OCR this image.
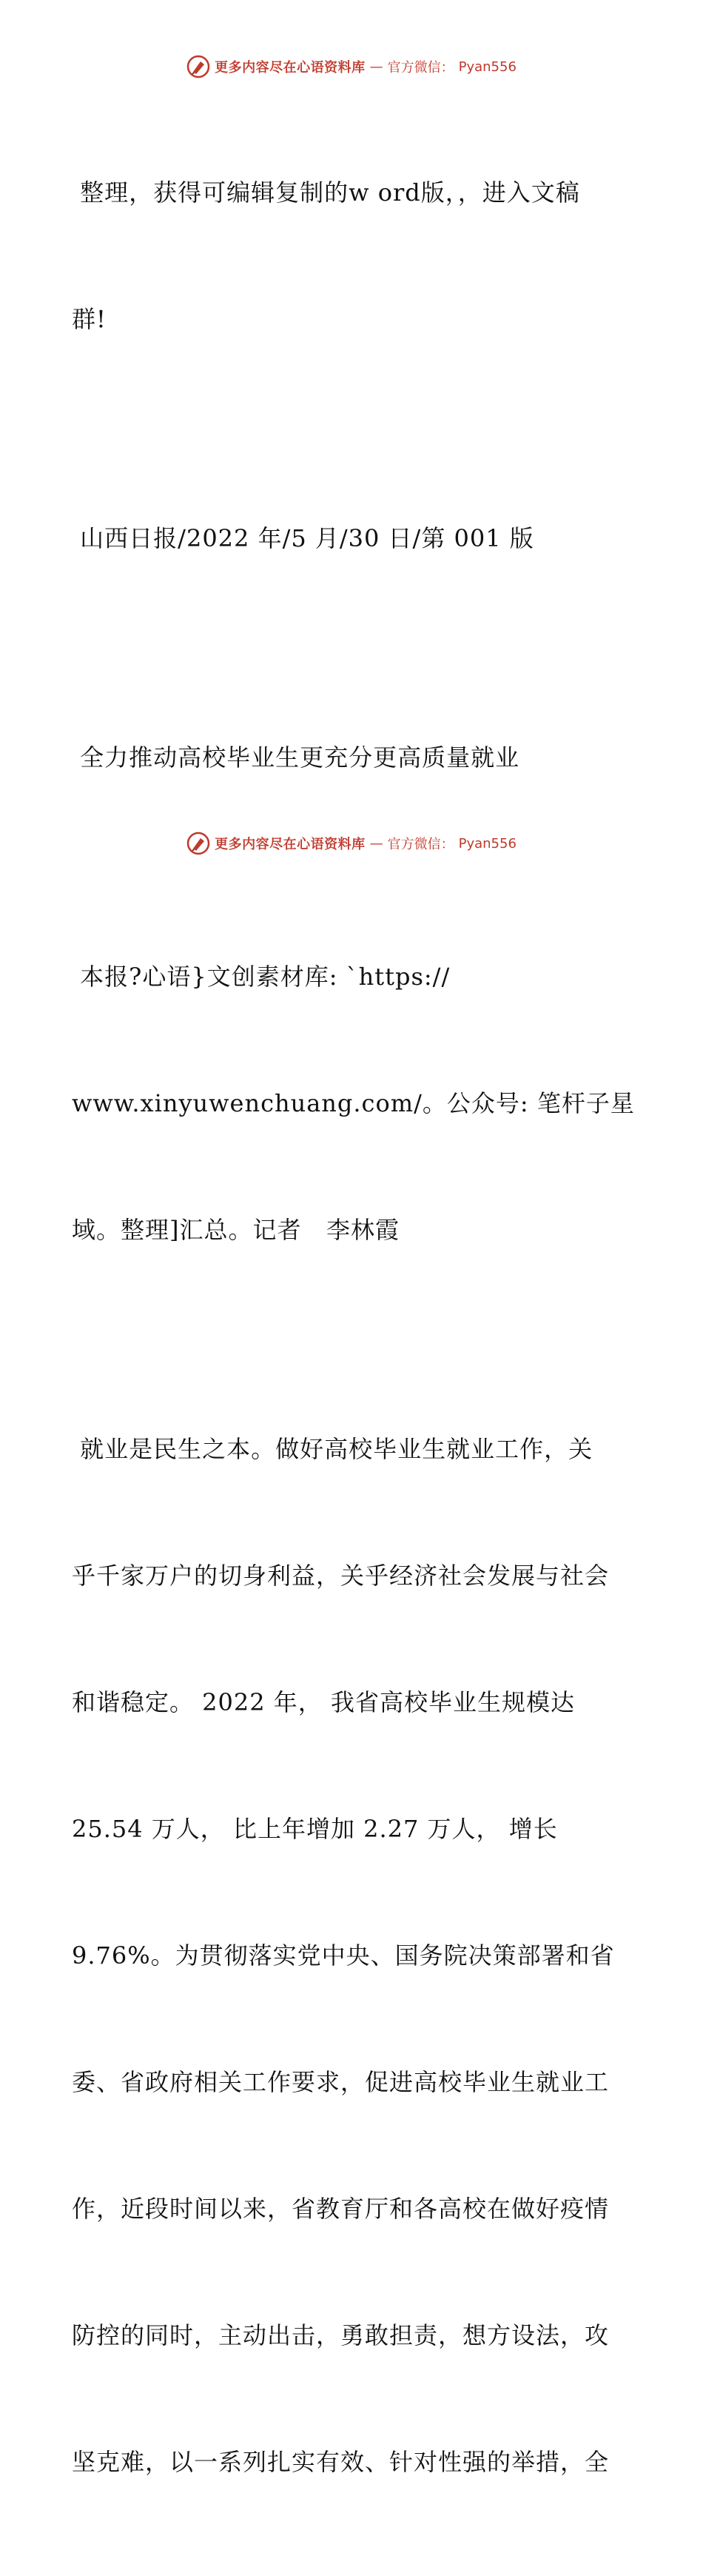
更多内容尽在心语资料库 — 官方微信： Pyan556

整理，获得可编辑复制的w ord版，，进入文稿

群!

山西日报/2022 年/5 月/30 日/第 001 版

全力推动高校毕业生更充分更高质量就业

本报?心语}文创素材库: `https://

www.xinyuwenchuang.com/。公众号: 笔杆子星

域。整理]汇总。记者   李林霞

就业是民生之本。做好高校毕业生就业工作，关

乎千家万户的切身利益，关乎经济社会发展与社会

和谐稳定。 2022 年， 我省高校毕业生规模达

25.54 万人， 比上年增加 2.27 万人， 增长

9.76%。为贯彻落实党中央、国务院决策部署和省

委、省政府相关工作要求，促进高校毕业生就业工

作，近段时间以来，省教育厅和各高校在做好疫情

防控的同时，主动出击，勇敢担责，想方设法，攻

坚克难，以一系列扎实有效、针对性强的举措，全

更多内容尽在心语资料库 — 官方微信： Pyan556
